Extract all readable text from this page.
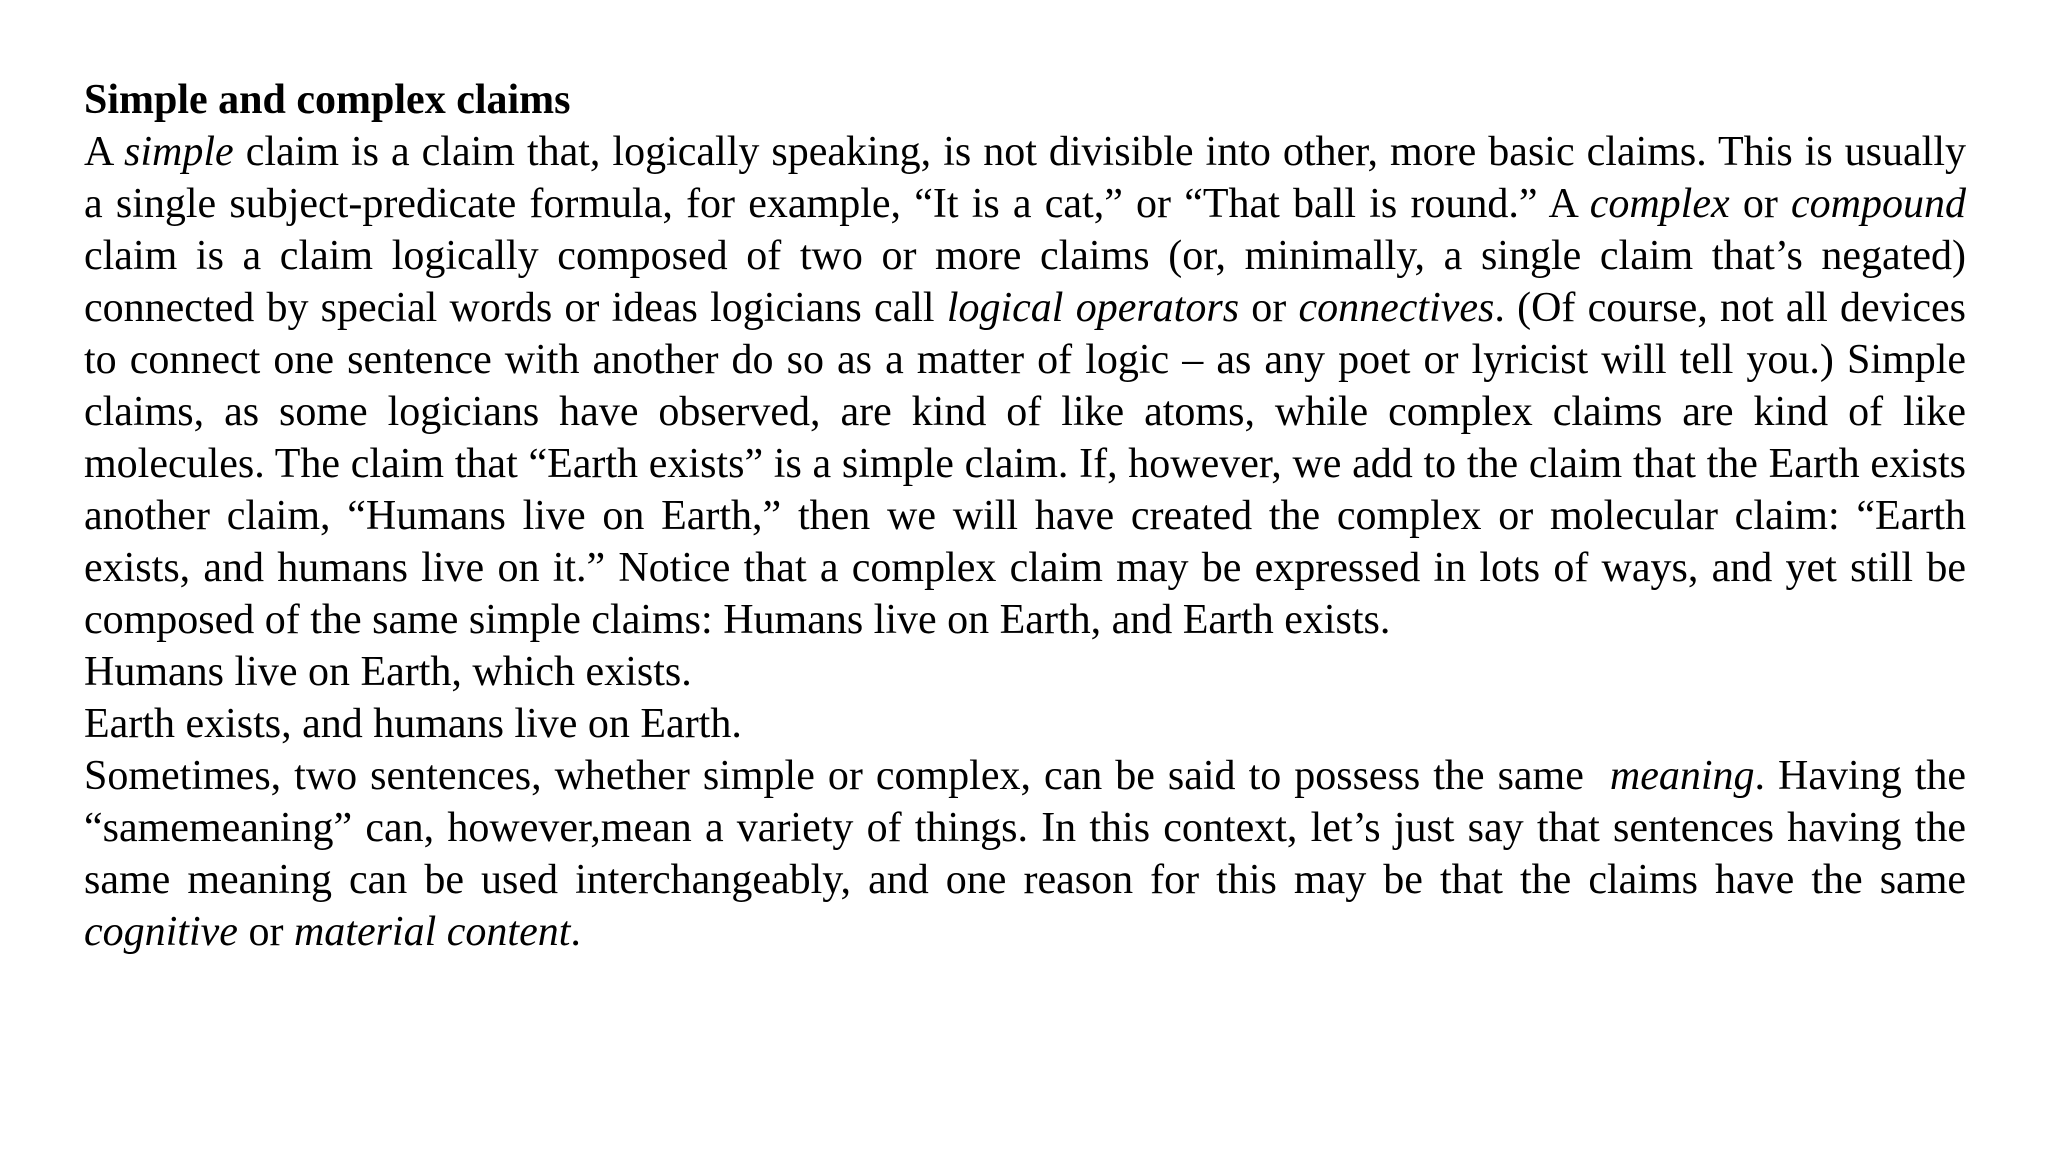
Simple and complex claims

A simple claim is a claim that, logically speaking, is not divisible into other, more basic claims. This is usually a single subject-predicate formula, for example, “It is a cat,” or “That ball is round.” A complex or compound claim is a claim logically composed of two or more claims (or, minimally, a single claim that’s negated) connected by special words or ideas logicians call logical operators or connectives. (Of course, not all devices to connect one sentence with another do so as a matter of logic – as any poet or lyricist will tell you.) Simple claims, as some logicians have observed, are kind of like atoms, while complex claims are kind of like molecules. The claim that “Earth exists” is a simple claim. If, however, we add to the claim that the Earth exists another claim, “Humans live on Earth,” then we will have created the complex or molecular claim: “Earth exists, and humans live on it.” Notice that a complex claim may be expressed in lots of ways, and yet still be composed of the same simple claims: Humans live on Earth, and Earth exists.

Humans live on Earth, which exists.

Earth exists, and humans live on Earth.

Sometimes, two sentences, whether simple or complex, can be said to possess the same  meaning. Having the “samemeaning” can, however,mean a variety of things. In this context, let’s just say that sentences having the same meaning can be used interchangeably, and one reason for this may be that the claims have the same cognitive or material content.
